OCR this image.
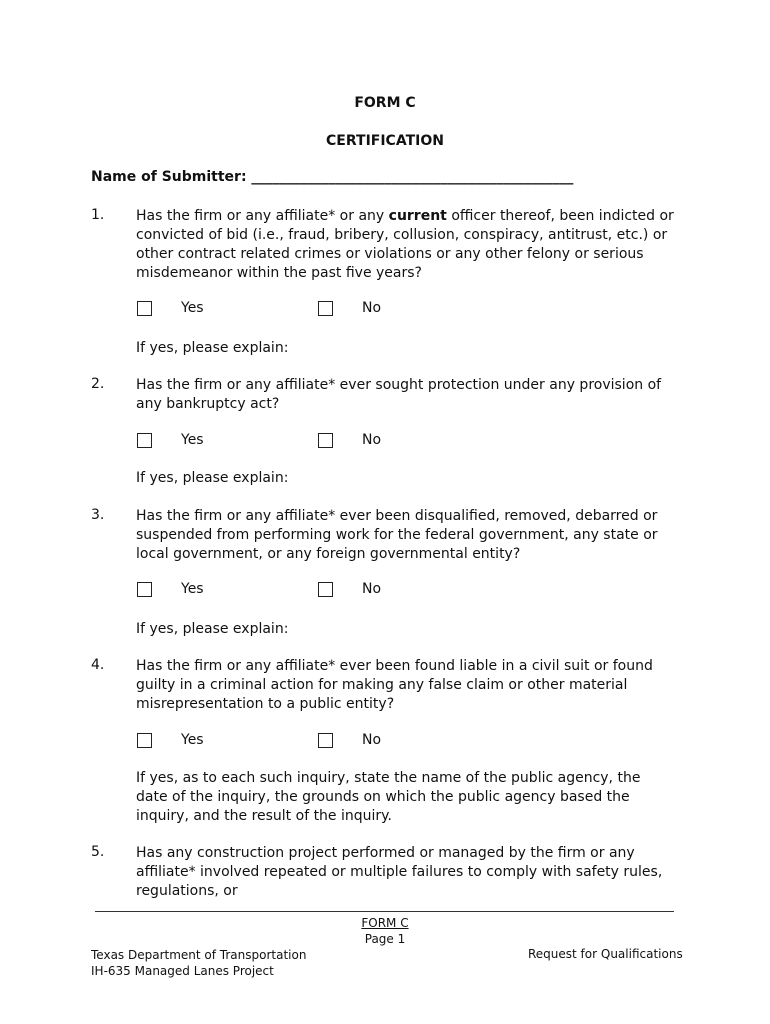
FORM C
CERTIFICATION
Name of Submitter: ______________________________________________
1. Has the firm or any affiliate* or any current officer thereof, been indicted or convicted of bid (i.e., fraud, bribery, collusion, conspiracy, antitrust, etc.) or other contract related crimes or violations or any other felony or serious misdemeanor within the past five years?
Yes	No
If yes, please explain:
2. Has the firm or any affiliate* ever sought protection under any provision of any bankruptcy act?
Yes	No
If yes, please explain:
3. Has the firm or any affiliate* ever been disqualified, removed, debarred or suspended from performing work for the federal government, any state or local government, or any foreign governmental entity?
Yes	No
If yes, please explain:
4. Has the firm or any affiliate* ever been found liable in a civil suit or found guilty in a criminal action for making any false claim or other material misrepresentation to a public entity?
Yes	No
If yes, as to each such inquiry, state the name of the public agency, the date of the inquiry, the grounds on which the public agency based the inquiry, and the result of the inquiry.
5. Has any construction project performed or managed by the firm or any affiliate* involved repeated or multiple failures to comply with safety rules, regulations, or
FORM C
Page 1
Texas Department of Transportation
IH-635 Managed Lanes Project
Request for Qualifications
